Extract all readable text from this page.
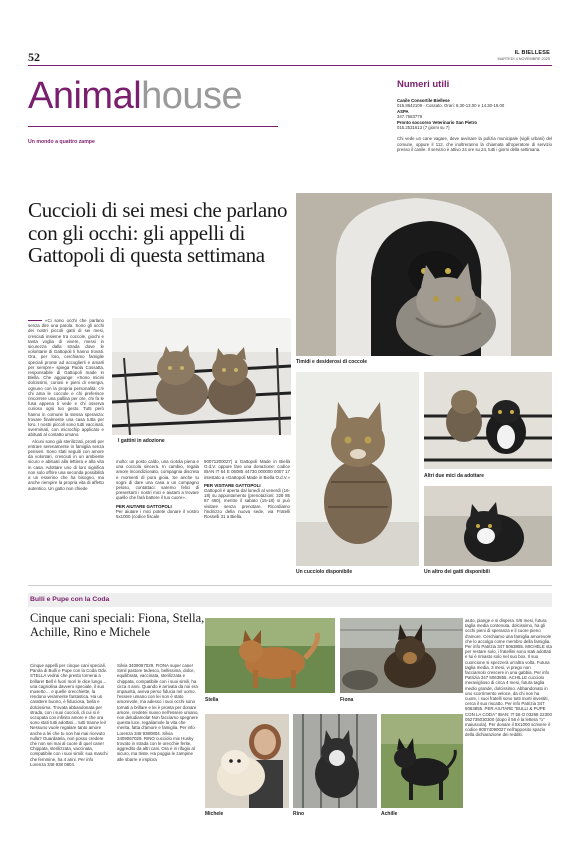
52	IL BIELLESE
MARTEDÌ 4 NOVEMBRE 2025
Animalhouse
Un mondo a quattro zampe
Numeri utili
Canile Consortile Biellese
015.8642109 - Cossato. Orari: 8.30-13.00 e 14.30-19.00
ASPA
347.7583779
Pronto soccorso Veterinario San Pietro
015.2531613 (7 giorni su 7)
Chi vede un cane vagare, deve avvisare la polizia municipale (vigili urbani) del comune, oppure il 112, che inoltreranno la chiamata all'operatore di servizio presso il canile. Il servizio è attivo 24 ore su 24, tutti i giorni della settimana.
Cuccioli di sei mesi che parlano con gli occhi: gli appelli di Gattopoli di questa settimana
«Ci sono occhi che parlano senza dire una parola. Sono gli occhi dei nostri piccoli gatti di sei mesi, cresciuti insieme tra coccole, giochi e tanta voglia di vivere, messi in sicurezza dalla strada dove le volontarie di Gattopoli li hanno trovati. Ora, per loro, cerchiamo famiglie speciali pronte ad accoglierli e amarli per sempre» spiega Paola Cossatta, responsabile di Gattopoli made in Biella. Che aggiunge: «Sono micini dolcissimi, curiosi e pieni di energia, ognuno con la propria personalità: c'è chi ama le coccole e chi preferisce rincorrere una pallina per ore, chi fa le fusa appena ti vede e chi osserva curioso ogni tuo gesto. Tutti però hanno in comune la stessa speranza: trovare finalmente una casa tutta per loro. I nostri piccoli sono tutti vaccinati, sverminati, con microchip applicato e abituati al contatto umano.
Alcuni sono già sterilizzati, pronti per entrare serenamente in famiglia senza pensieri. Sono stati seguiti con amore da volontari, cresciuti in un ambiente sicuro e abituati alla lettiera e alla vita in casa. Adottare uno di loro significa non solo offrire una seconda possibilità a un esserino che ha bisogno, ma anche riempire la propria vita di affetto autentico. Un gatto non chiede
molto: un posto caldo, una ciotola piena e una coccola sincera. In cambio, regala amore incondizionato, compagnia discreta e momenti di pura gioia. Se anche tu sogni di dare una casa a un compagno peloso, contattaci: saremo felici di presentarti i nostri mici e aiutarti a trovare quello che farà battere il tuo cuore».
PER AIUTARE GATTOPOLI
Per aiutare i mici potete donare il vostro 5x1000 (codice fiscale
90071200027) a Gattopoli Made in Biella O.d.V. oppure fare una donazione: codice IBAN IT 64 E 06085 44730 000000 0007 17 intestato a «Gattopoli Made in Biella O.d.V.»
PER VISITARE GATTOPOLI
Gattopoli è aperta dal lunedì al venerdì (16-18) su appuntamento (prenotazioni: 328 85 87 460), mentre il sabato (15-18) si può visitare senza prenotare. Ricordiamo l'indirizzo della nuova sede, via Fratelli Rosselli 31 a Biella.
I gattini in adozione
Timidi e desiderosi di coccole
Un cucciolo disponibile
Altri due mici da adottare
Un altro dei gatti disponibili
Bulli e Pupe con la Coda
Cinque cani speciali: Fiona, Stella, Achille, Rino e Michele
Cinque appelli per cinque cani speciali. Parola di Bulli e Pupe con la Coda Odv. STELLA vedrai che presto tornerai a brillare! Bell è fuori morì le dice lungo… una cagnolina davvero speciale, il suo musetto… e quelle orecchiette, la rendono veramente fantastica. Ha un carattere buono, è fiduciosa, bella e dolcissima. Trovata abbandonata per strada, con i suoi cuccioli, di cui si è occupata con infinito amore e che ora sono stati tutti adottati… tutti tranne lei! Nessuno vuole regalare tanto amore anche a lei che tu non hai mai ricevuto nulla? Guardatela, non posso credere che non sei mai al cuore di quel cane! Chippata, sterilizzata, vaccinata, compatibile con i suoi simili: sua maschi che femmine, ha 4 anni. Per info Lorenza 348 938 0804.
Silvia 3409067029. FIONA super cane! Simil pastore tedesco, bellissima, dolce, equilibrata, vaccinata, sterilizzata e chippata, compatibile con i suoi simili, ha circa 4 anni. Quando è arrivata da noi era impaurita, aveva perso fiducia nel uomo. l'essere umano con lei non è stato amorevole, ma adesso i suoi occhi sono tornati a brillare e lei è pronta per donare amore, credetei nuovo nell'essere umano, non deludiamola! Non facciamo spegnere questa luce, regaliamole la vita che merita, fatta d'amore e famiglia. Per info Lorenza 348 9380804. Silvia 3409067029. RINO cucciolo mix Husky trovato in strada con le orecchie ferite, aggredito da altri cani. Ora è in rifugio al sicuro, ma triste. Ha poggia le zampine alle sbarre e implora
aiuto, piange e si dispera. 5/6 mesi, futura taglia media contenuta, dolcissimo, ha gli occhi pieni di speranza e il cuore pieno d'amore. Cerchiamo una famiglia amorevole che lo accolga come membro della famiglia. Per info Patrizia 347 5063855. MICHELE sta per restare solo, i fratellini sono stati adottati e lui è rimasto solo nel suo box. Il suo cuoricione si spezzerà un'altra volta. Futura taglia media, 3 mesi, vi prego non facciamolo crescere in una gabbia. Per info Patrizia 347 5063855. ACHILLE cucciolo meraviglioso di circa 4 mesi, futura taglia medio grande, dolcissimo. Abbandonato in uno scorrimento veloce, da chi non ha cuore, i suoi fratelli sono tutti morti investiti, cerca il suo riscatto. Per info Patrizia 347 5063855. PER AIUTARE "BULLI & PUPE CON LA CODA" IBAN: IT 56 O 03268 22300 052735030300 (dopo il 56 è la lettera "o" maiuscola). Per donare il 5X1000 scrivere il codice 90074090027 nell'apposito spazio della dichiarazione dei redditi.
Stella	Fiona
Michele	Rino	Achille
